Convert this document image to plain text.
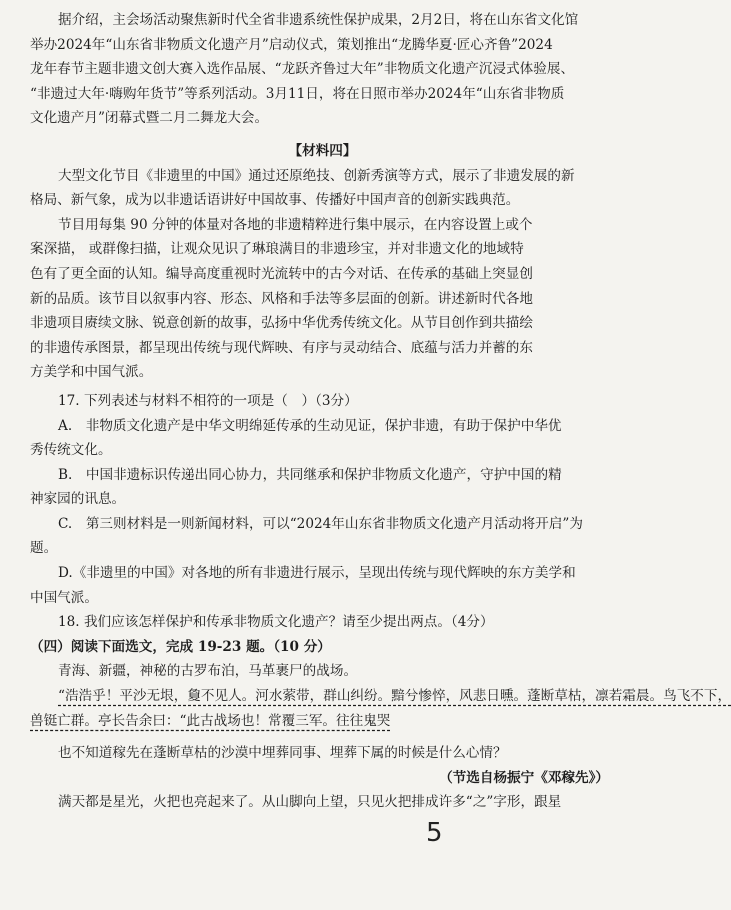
据介绍，主会场活动聚焦新时代全省非遗系统性保护成果，2月2日，将在山东省文化馆
举办2024年“山东省非物质文化遗产月”启动仪式，策划推出“龙腾华夏·匠心齐鲁”2024
龙年春节主题非遗文创大赛入选作品展、“龙跃齐鲁过大年”非物质文化遗产沉浸式体验展、
“非遗过大年·嗨购年货节”等系列活动。3月11日，将在日照市举办2024年“山东省非物质
文化遗产月”闭幕式暨二月二舞龙大会。
【材料四】
大型文化节目《非遗里的中国》通过还原绝技、创新秀演等方式，展示了非遗发展的新
格局、新气象，成为以非遗话语讲好中国故事、传播好中国声音的创新实践典范。
节目用每集 90 分钟的体量对各地的非遗精粹进行集中展示，在内容设置上或个
案深描， 或群像扫描，让观众见识了琳琅满目的非遗珍宝，并对非遗文化的地域特
色有了更全面的认知。编导高度重视时光流转中的古今对话、在传承的基础上突显创
新的品质。该节目以叙事内容、形态、风格和手法等多层面的创新。讲述新时代各地
非遗项目赓续文脉、锐意创新的故事，弘扬中华优秀传统文化。从节目创作到共描绘
的非遗传承图景，都呈现出传统与现代辉映、有序与灵动结合、底蕴与活力并蓄的东
方美学和中国气派。
17. 下列表述与材料不相符的一项是（　）（3分）
A.　非物质文化遗产是中华文明绵延传承的生动见证，保护非遗，有助于保护中华优
秀传统文化。
B.　中国非遗标识传递出同心协力，共同继承和保护非物质文化遗产，守护中国的精
神家园的讯息。
C.　第三则材料是一则新闻材料，可以“2024年山东省非物质文化遗产月活动将开启”为
题。
D.《非遗里的中国》对各地的所有非遗进行展示，呈现出传统与现代辉映的东方美学和
中国气派。
18. 我们应该怎样保护和传承非物质文化遗产？请至少提出两点。（4分）
（四）阅读下面选文，完成 19-23 题。（10 分）
青海、新疆，神秘的古罗布泊，马革裹尸的战场。
“浩浩乎！平沙无垠，敻不见人。河水萦带，群山纠纷。黯兮惨悴，风悲日曛。蓬断草枯，凛若霜晨。鸟飞不下，
兽铤亡群。亭长告余曰：“此古战场也！常覆三军。往往鬼哭
也不知道稼先在蓬断草枯的沙漠中埋葬同事、埋葬下属的时候是什么心情？
（节选自杨振宁《邓稼先》）
满天都是星光，火把也亮起来了。从山脚向上望，只见火把排成许多“之”字形，跟星
5
